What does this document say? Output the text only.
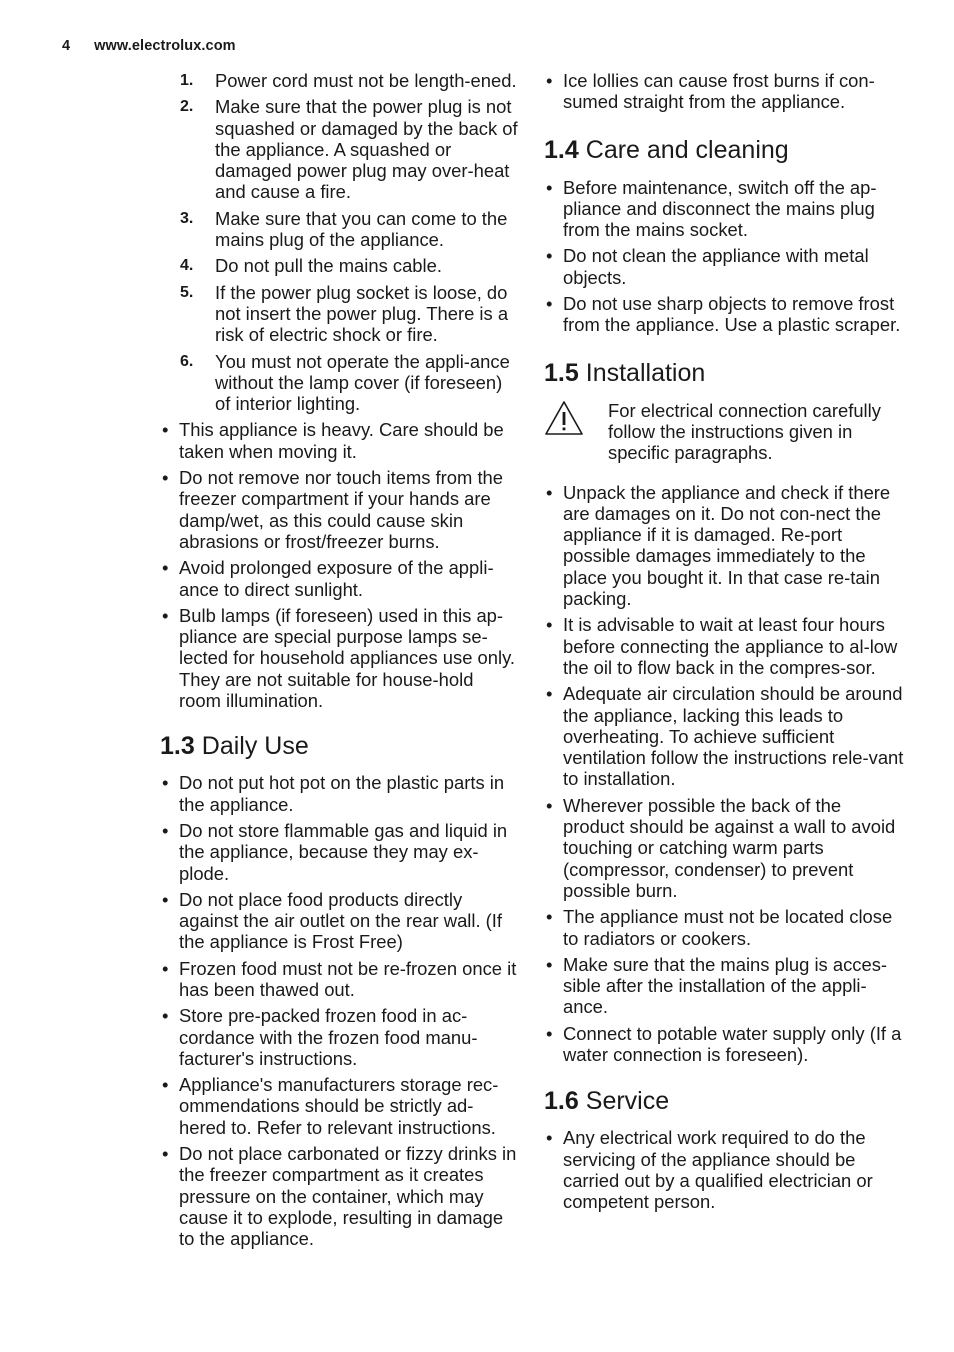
4 www.electrolux.com
1. Power cord must not be length-ened.
2. Make sure that the power plug is not squashed or damaged by the back of the appliance. A squashed or damaged power plug may over-heat and cause a fire.
3. Make sure that you can come to the mains plug of the appliance.
4. Do not pull the mains cable.
5. If the power plug socket is loose, do not insert the power plug. There is a risk of electric shock or fire.
6. You must not operate the appli-ance without the lamp cover (if foreseen) of interior lighting.
• This appliance is heavy. Care should be taken when moving it.
• Do not remove nor touch items from the freezer compartment if your hands are damp/wet, as this could cause skin abrasions or frost/freezer burns.
• Avoid prolonged exposure of the appli-ance to direct sunlight.
• Bulb lamps (if foreseen) used in this ap-pliance are special purpose lamps se-lected for household appliances use only. They are not suitable for house-hold room illumination.
1.3 Daily Use
• Do not put hot pot on the plastic parts in the appliance.
• Do not store flammable gas and liquid in the appliance, because they may ex-plode.
• Do not place food products directly against the air outlet on the rear wall. (If the appliance is Frost Free)
• Frozen food must not be re-frozen once it has been thawed out.
• Store pre-packed frozen food in ac-cordance with the frozen food manu-facturer's instructions.
• Appliance's manufacturers storage rec-ommendations should be strictly ad-hered to. Refer to relevant instructions.
• Do not place carbonated or fizzy drinks in the freezer compartment as it creates pressure on the container, which may cause it to explode, resulting in damage to the appliance.
• Ice lollies can cause frost burns if con-sumed straight from the appliance.
1.4 Care and cleaning
• Before maintenance, switch off the ap-pliance and disconnect the mains plug from the mains socket.
• Do not clean the appliance with metal objects.
• Do not use sharp objects to remove frost from the appliance. Use a plastic scraper.
1.5 Installation
For electrical connection carefully follow the instructions given in specific paragraphs.
• Unpack the appliance and check if there are damages on it. Do not con-nect the appliance if it is damaged. Re-port possible damages immediately to the place you bought it. In that case re-tain packing.
• It is advisable to wait at least four hours before connecting the appliance to al-low the oil to flow back in the compres-sor.
• Adequate air circulation should be around the appliance, lacking this leads to overheating. To achieve sufficient ventilation follow the instructions rele-vant to installation.
• Wherever possible the back of the product should be against a wall to avoid touching or catching warm parts (compressor, condenser) to prevent possible burn.
• The appliance must not be located close to radiators or cookers.
• Make sure that the mains plug is acces-sible after the installation of the appli-ance.
• Connect to potable water supply only (If a water connection is foreseen).
1.6 Service
• Any electrical work required to do the servicing of the appliance should be carried out by a qualified electrician or competent person.
